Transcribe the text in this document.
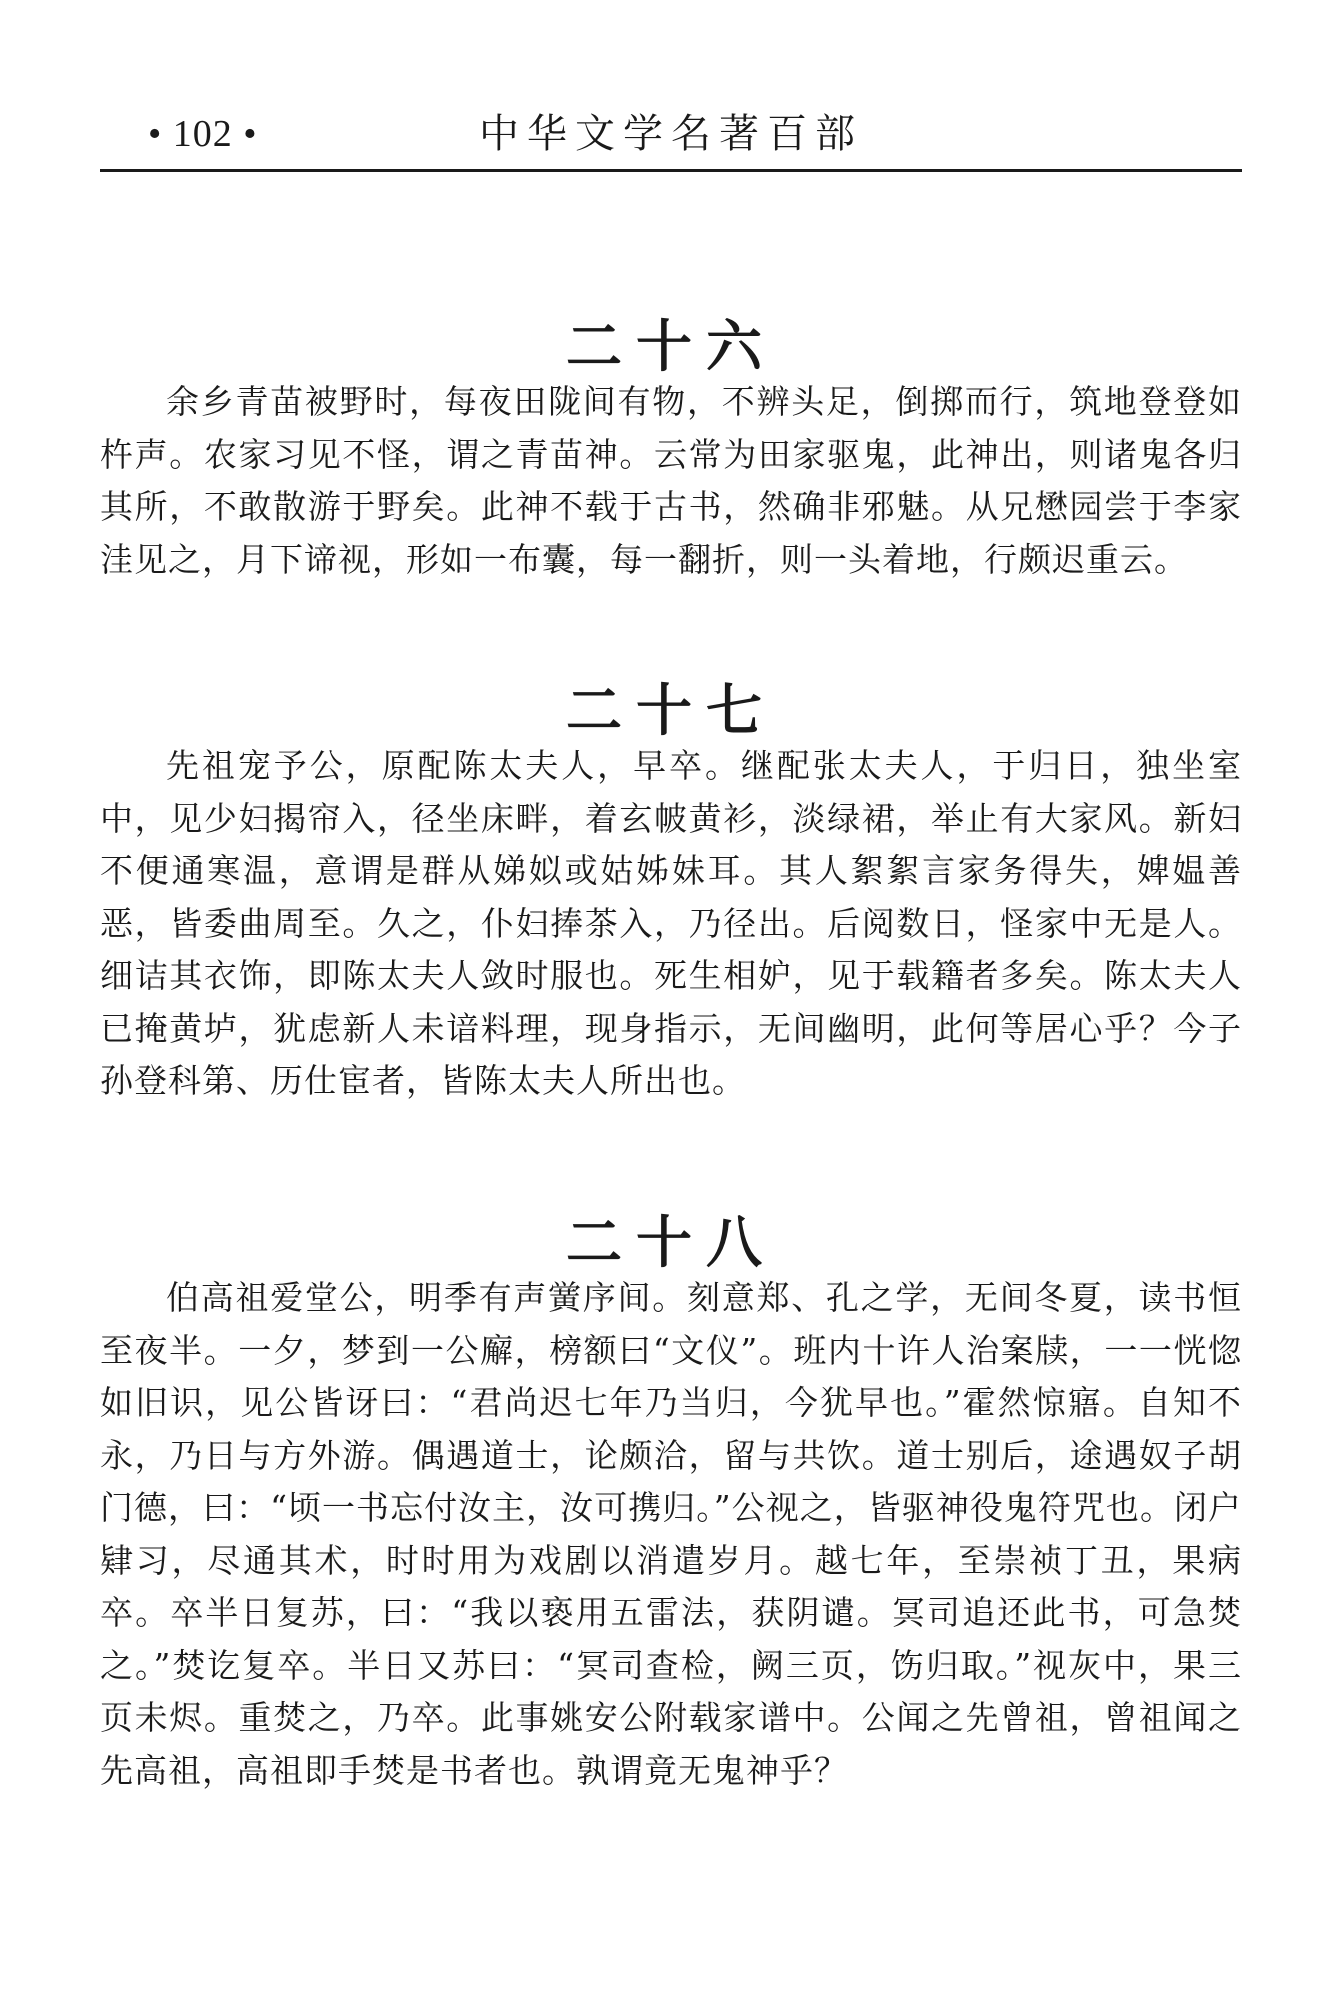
• 102 •	中华文学名著百部
二十六

余乡青苗被野时，每夜田陇间有物，不辨头足，倒掷而行，筑地登登如杵声。农家习见不怪，谓之青苗神。云常为田家驱鬼，此神出，则诸鬼各归其所，不敢散游于野矣。此神不载于古书，然确非邪魅。从兄懋园尝于李家洼见之，月下谛视，形如一布囊，每一翻折，则一头着地，行颇迟重云。

二十七

先祖宠予公，原配陈太夫人，早卒。继配张太夫人，于归日，独坐室中，见少妇揭帘入，径坐床畔，着玄帔黄衫，淡绿裙，举止有大家风。新妇不便通寒温，意谓是群从娣姒或姑姊妹耳。其人絮絮言家务得失，婢媪善恶，皆委曲周至。久之，仆妇捧茶入，乃径出。后阅数日，怪家中无是人。细诘其衣饰，即陈太夫人敛时服也。死生相妒，见于载籍者多矣。陈太夫人已掩黄垆，犹虑新人未谙料理，现身指示，无间幽明，此何等居心乎？今子孙登科第、历仕宦者，皆陈太夫人所出也。

二十八

伯高祖爱堂公，明季有声黉序间。刻意郑、孔之学，无间冬夏，读书恒至夜半。一夕，梦到一公廨，榜额曰“文仪”。班内十许人治案牍，一一恍惚如旧识，见公皆讶曰：“君尚迟七年乃当归，今犹早也。”霍然惊寤。自知不永，乃日与方外游。偶遇道士，论颇洽，留与共饮。道士别后，途遇奴子胡门德，曰：“顷一书忘付汝主，汝可携归。”公视之，皆驱神役鬼符咒也。闭户肄习，尽通其术，时时用为戏剧以消遣岁月。越七年，至崇祯丁丑，果病卒。卒半日复苏，曰：“我以亵用五雷法，获阴谴。冥司追还此书，可急焚之。”焚讫复卒。半日又苏曰：“冥司查检，阙三页，饬归取。”视灰中，果三页未烬。重焚之，乃卒。此事姚安公附载家谱中。公闻之先曾祖，曾祖闻之先高祖，高祖即手焚是书者也。孰谓竟无鬼神乎？
